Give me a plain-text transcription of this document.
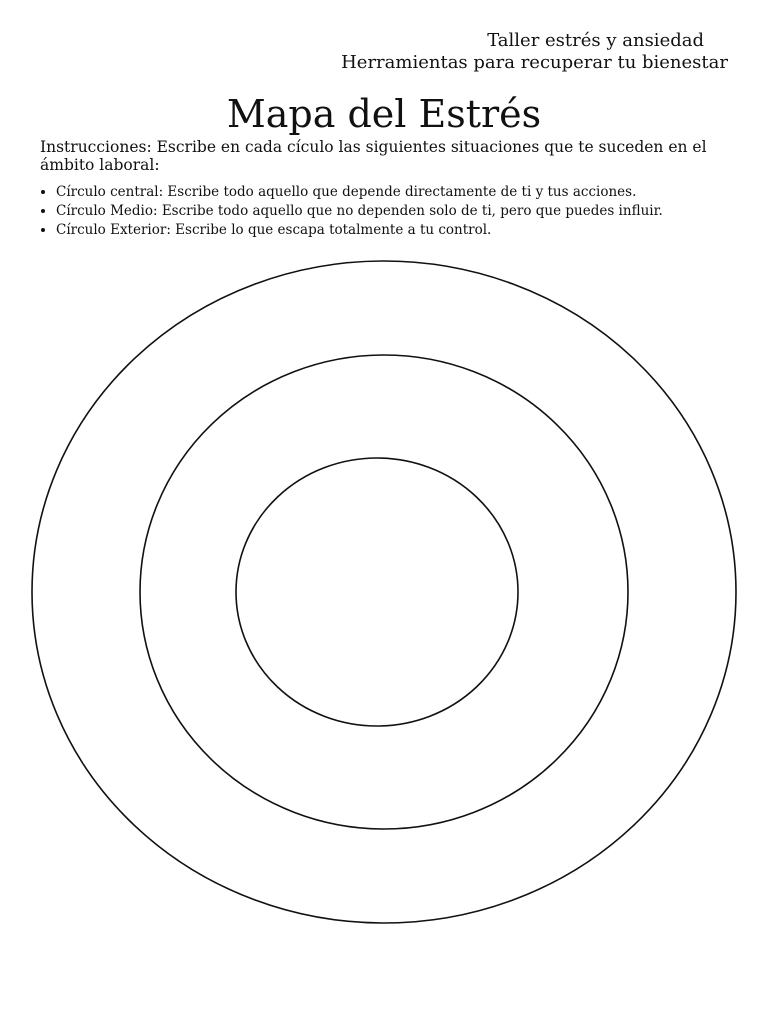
Taller estrés y ansiedad
Herramientas para recuperar tu bienestar
Mapa del Estrés

Instrucciones: Escribe en cada cículo las siguientes situaciones que te suceden en el ámbito laboral:

• Círculo central: Escribe todo aquello que depende directamente de ti y tus acciones.
• Círculo Medio: Escribe todo aquello que no dependen solo de ti, pero que puedes influir.
• Círculo Exterior: Escribe lo que escapa totalmente a tu control.
